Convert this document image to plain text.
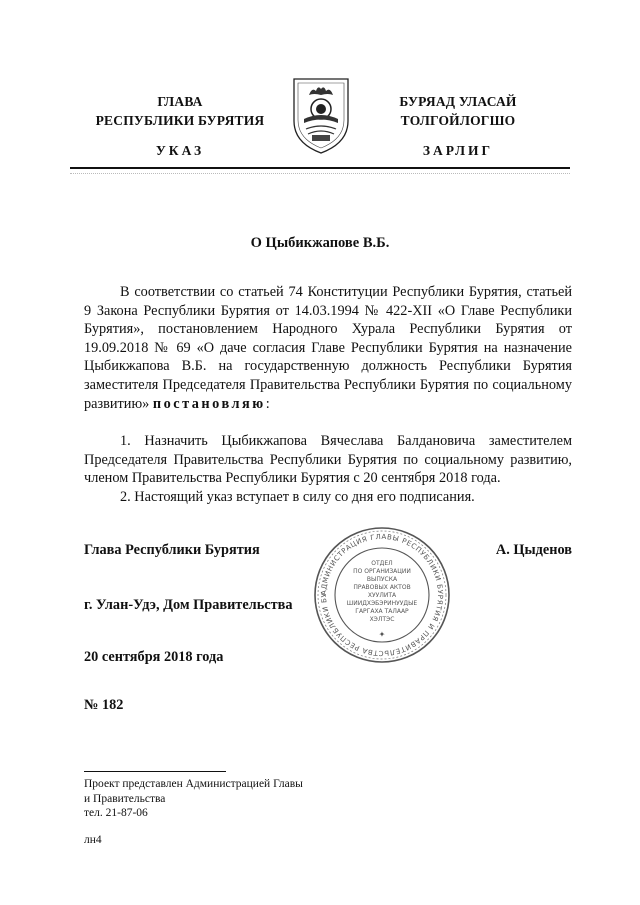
ГЛАВА
РЕСПУБЛИКИ БУРЯТИЯ
УКАЗ
БУРЯАД УЛАСАЙ
ТОЛГОЙЛОГШО
ЗАРЛИГ
О Цыбикжапове В.Б.
В соответствии со статьей 74 Конституции Республики Бурятия, статьей 9 Закона Республики Бурятия от 14.03.1994 № 422-XII «О Главе Республики Бурятия», постановлением Народного Хурала Республики Бурятия от 19.09.2018 № 69 «О даче согласия Главе Республики Бурятия на назначение Цыбикжапова В.Б. на государственную должность Республики Бурятия заместителя Председателя Правительства Республики Бурятия по социальному развитию» постановляю:
1. Назначить Цыбикжапова Вячеслава Балдановича заместителем Председателя Правительства Республики Бурятия по социальному развитию, членом Правительства Республики Бурятия с 20 сентября 2018 года.
2. Настоящий указ вступает в силу со дня его подписания.
Глава Республики Бурятия	А. Цыденов
г. Улан-Удэ, Дом Правительства
20 сентября 2018 года
№ 182
АДМИНИСТРАЦИЯ ГЛАВЫ РЕСПУБЛИКИ БУРЯТИЯ И ПРАВИТЕЛЬСТВА РЕСПУБЛИКИ БУ
ОТДЕЛ
ПО ОРГАНИЗАЦИИ
ВЫПУСКА
ПРАВОВЫХ АКТОВ
ХУУЛИТА
ШИИДХЭБЭРИНУУДЫЕ
ГАРГАХА ТАЛААР
ХЭЛТЭС
✦
Проект представлен Администрацией Главы
и Правительства
тел. 21-87-06
лн4
